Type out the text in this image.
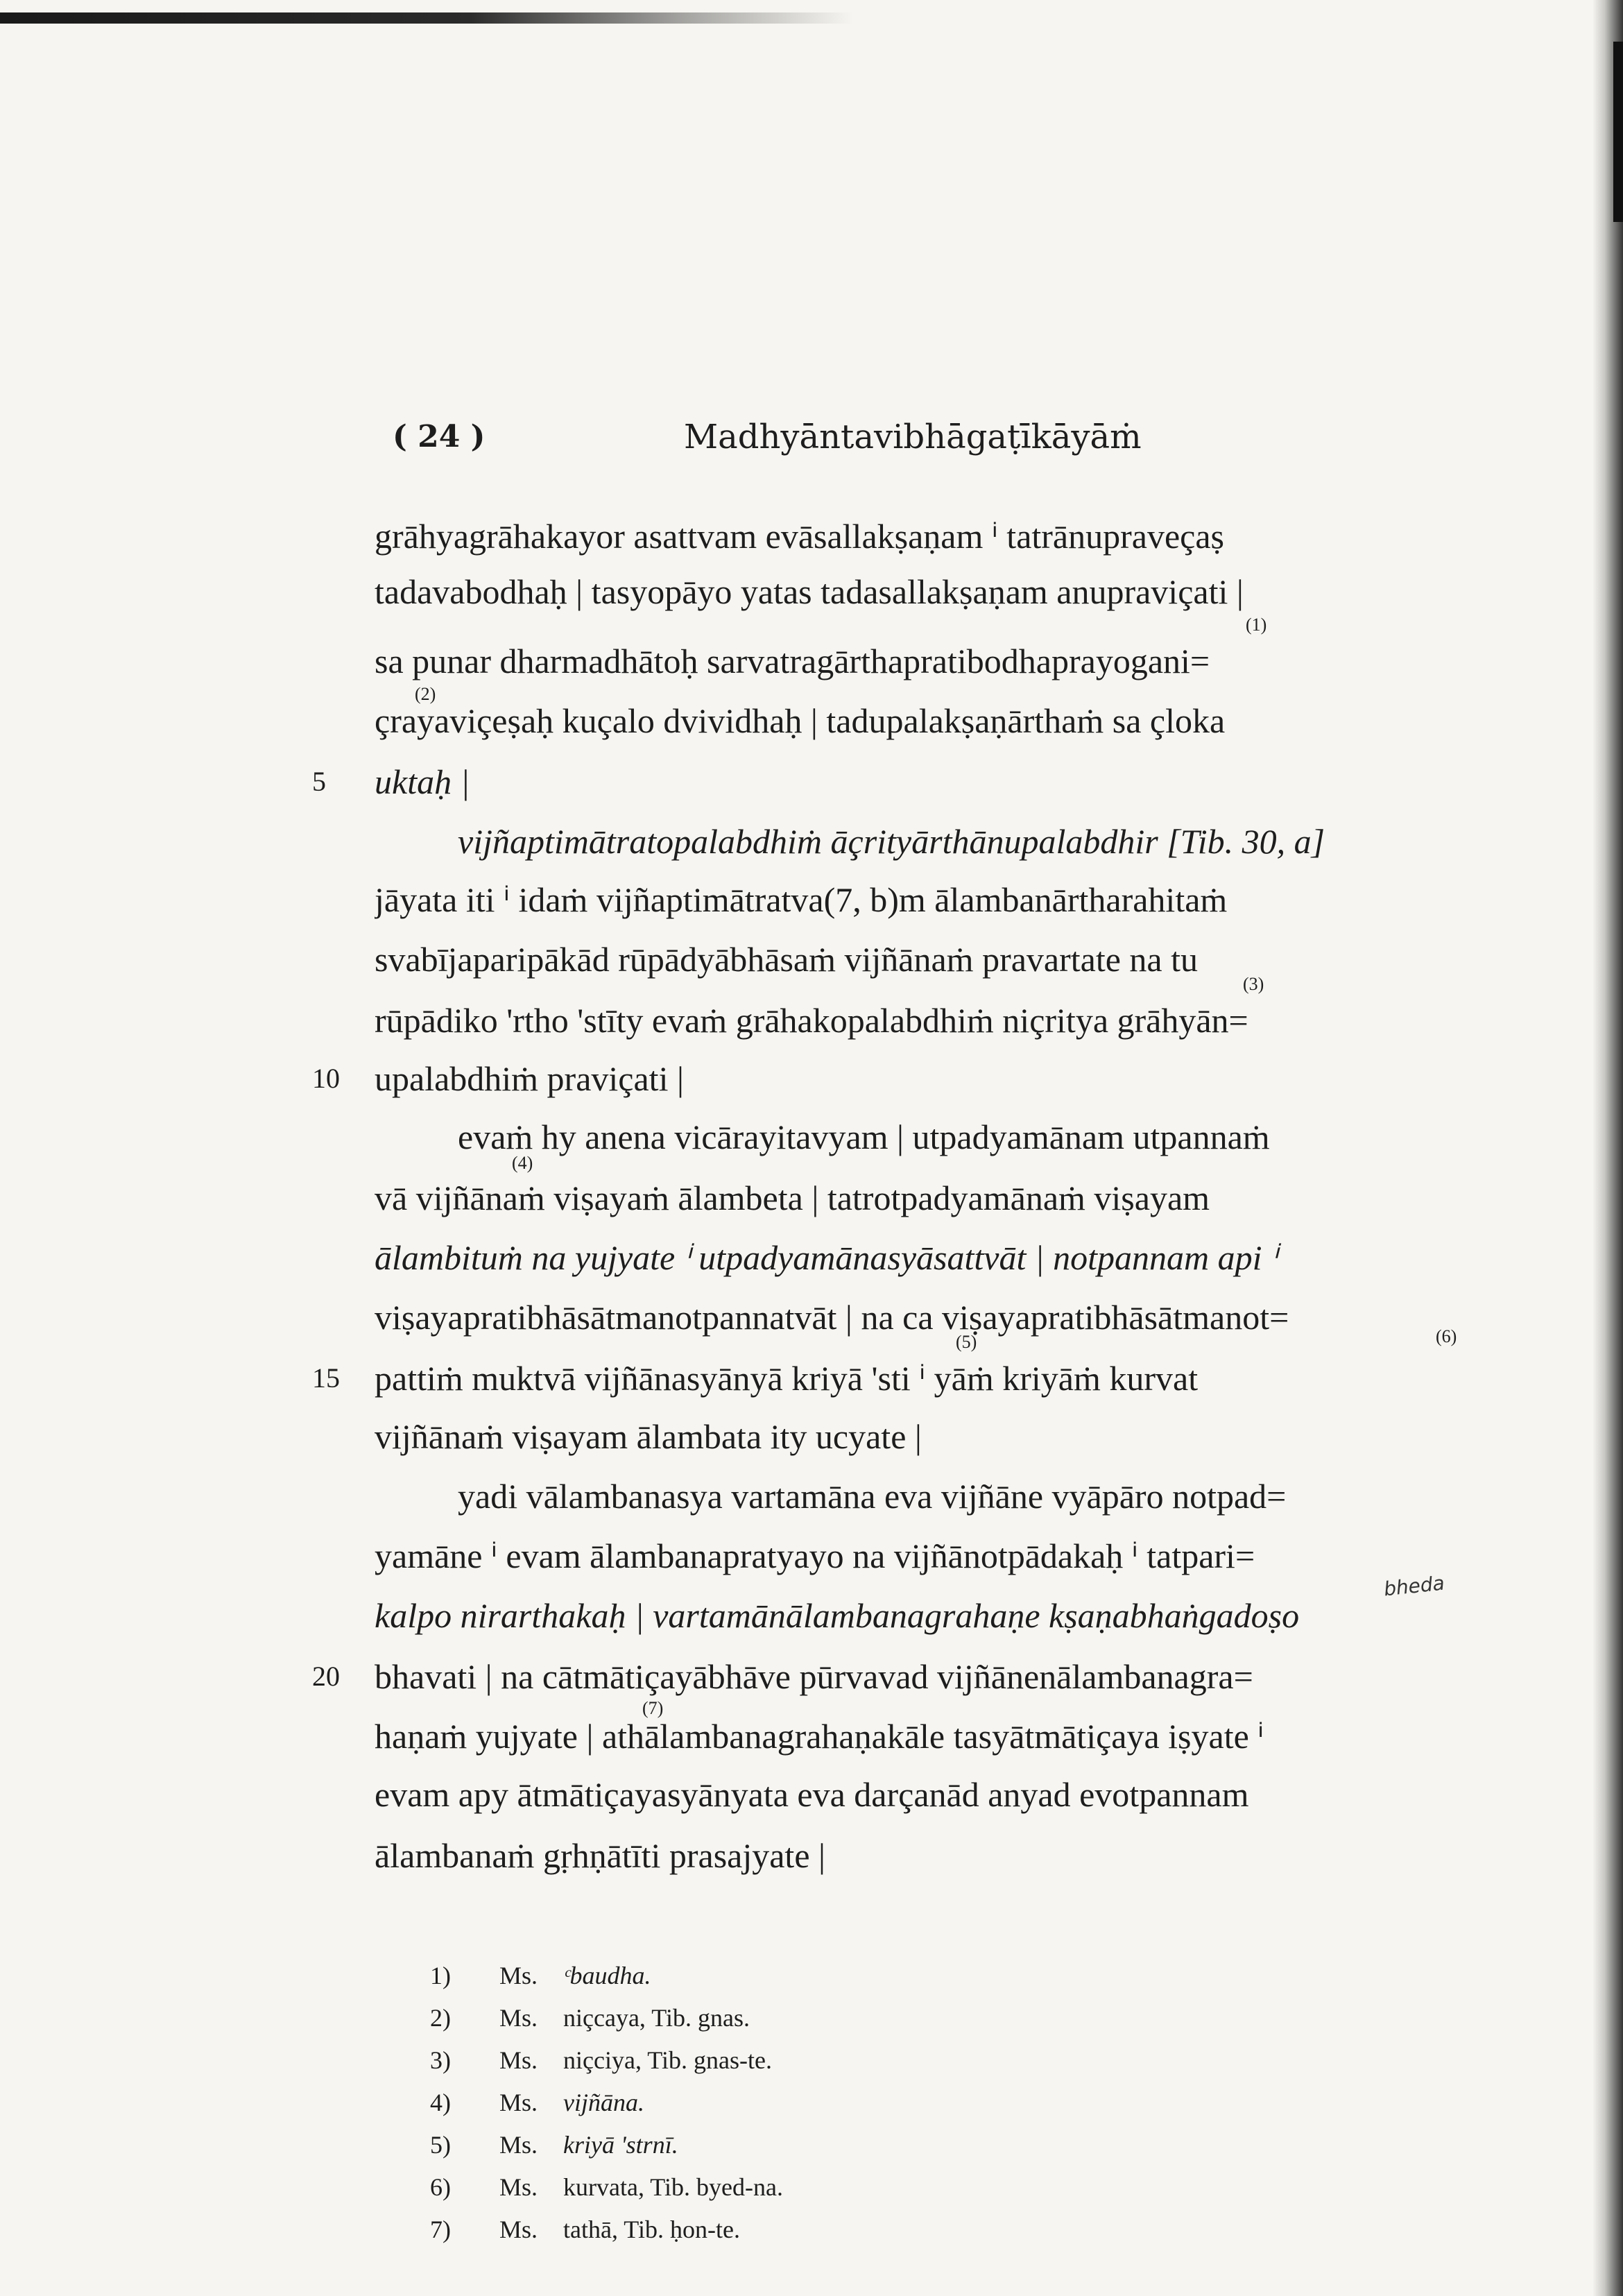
( 24 )	Madhyāntavibhāgaṭīkāyāṁ
grāhyagrāhakayor asattvam evāsallakṣaṇam ⁱ tatrānupraveçaṣ
tadavabodhaḥ | tasyopāyo yatas tadasallakṣaṇam anupraviçati |
sa punar dharmadhātoḥ sarvatragārthapratibodhaprayogani=
çrayaviçeṣaḥ kuçalo dvividhaḥ | tadupalakṣaṇārthaṁ sa çloka
uktaḥ |
vijñaptimātratopalabdhiṁ āçrityārthānupalabdhir [Tib. 30, a]
jāyata iti ⁱ idaṁ vijñaptimātratva(7, b)m ālambanārtharahitaṁ
svabījaparipākād rūpādyābhāsaṁ vijñānaṁ pravartate na tu
rūpādiko 'rtho 'stīty evaṁ grāhakopalabdhiṁ niçritya grāhyān=
upalabdhiṁ praviçati |
evaṁ hy anena vicārayitavyam | utpadyamānam utpannaṁ
vā vijñānaṁ viṣayaṁ ālambeta | tatrotpadyamānaṁ viṣayam
ālambituṁ na yujyate ⁱ utpadyamānasyāsattvāt | notpannam api ⁱ
viṣayapratibhāsātmanotpannatvāt | na ca viṣayapratibhāsātmanot=
pattiṁ muktvā vijñānasyānyā kriyā 'sti ⁱ yāṁ kriyāṁ kurvat
vijñānaṁ viṣayam ālambata ity ucyate |
yadi vālambanasya vartamāna eva vijñāne vyāpāro notpad=
yamāne ⁱ evam ālambanapratyayo na vijñānotpādakaḥ ⁱ tatpari=
kalpo nirarthakaḥ | vartamānālambanagrahaṇe kṣaṇabhaṅgadoṣo
bhavati | na cātmātiçayābhāve pūrvavad vijñānenālambanagra=
haṇaṁ yujyate | athālambanagrahaṇakāle tasyātmātiçaya iṣyate ⁱ
evam apy ātmātiçayasyānyata eva darçanād anyad evotpannam
ālambanaṁ gṛhṇātīti prasajyate |
5
10
15
20
(1)
(2)
(3)
(4)
(5)	(6)
(7)
bheda
1) Ms. ᶜbaudha.
2) Ms. niçcaya, Tib. gnas.
3) Ms. niçciya, Tib. gnas-te.
4) Ms. vijñāna.
5) Ms. kriyā 'strnī.
6) Ms. kurvata, Tib. byed-na.
7) Ms. tathā, Tib. ḥon-te.
